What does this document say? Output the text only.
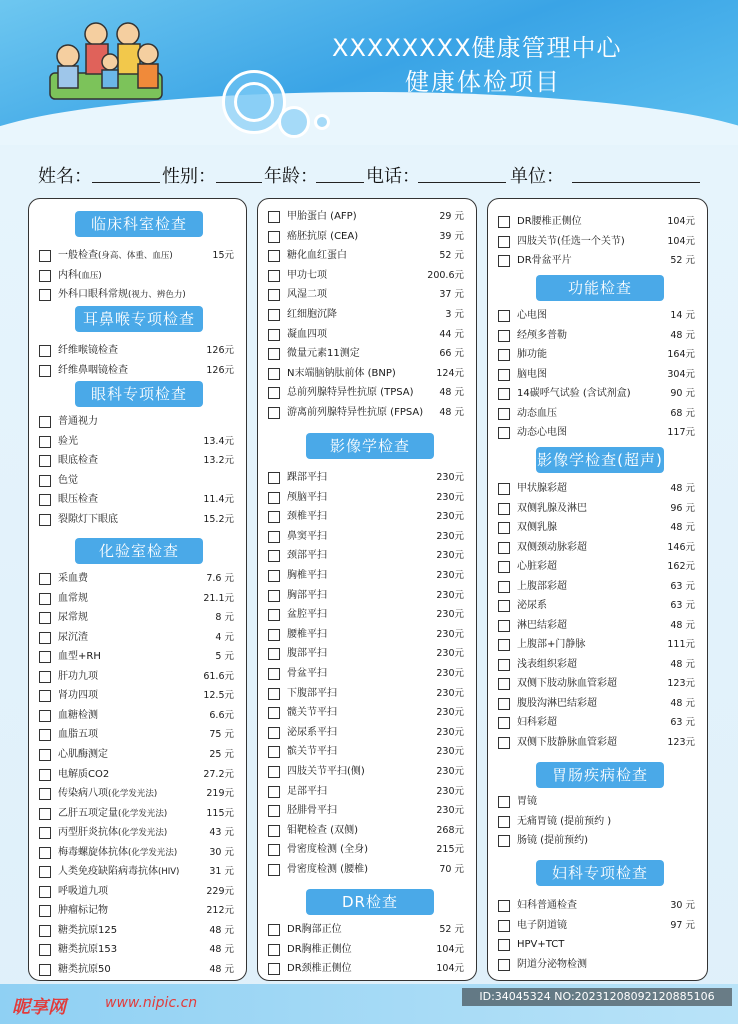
XXXXXXXX健康管理中心
健康体检项目
姓名：	性别：	年龄：	电话：	单位：
临床科室检查
一般检查(身高、体重、血压)	15元
内科(血压)
外科口眼科常规(视力、辨色力)
耳鼻喉专项检查
纤维喉镜检查	126元
纤维鼻咽镜检查	126元
眼科专项检查
普通视力
验光	13.4元
眼底检查	13.2元
色觉
眼压检查	11.4元
裂隙灯下眼底	15.2元
化验室检查
采血费	7.6 元
血常规	21.1元
尿常规	8 元
尿沉渣	4 元
血型+RH	5 元
肝功九项	61.6元
肾功四项	12.5元
血糖检测	6.6元
血脂五项	75 元
心肌酶测定	25 元
电解质CO2	27.2元
传染病八项(化学发光法)	219元
乙肝五项定量(化学发光法)	115元
丙型肝炎抗体(化学发光法)	43 元
梅毒螺旋体抗体(化学发光法)	30 元
人类免疫缺陷病毒抗体(HIV)	31 元
呼吸道九项	229元
肿瘤标记物	212元
糖类抗原125	48 元
糖类抗原153	48 元
糖类抗原50	48 元
甲胎蛋白 (AFP)	29 元
癌胚抗原 (CEA)	39 元
糖化血红蛋白	52 元
甲功七项	200.6元
风湿二项	37 元
红细胞沉降	3 元
凝血四项	44 元
微量元素11测定	66 元
N末端脑钠肽前体 (BNP)	124元
总前列腺特异性抗原 (TPSA)	48 元
游离前列腺特异性抗原 (FPSA) 48 元
影像学检查
踝部平扫	230元
颅脑平扫	230元
颈椎平扫	230元
鼻窦平扫	230元
颈部平扫	230元
胸椎平扫	230元
胸部平扫	230元
盆腔平扫	230元
腰椎平扫	230元
腹部平扫	230元
骨盆平扫	230元
下腹部平扫	230元
髋关节平扫	230元
泌尿系平扫	230元
髌关节平扫	230元
四肢关节平扫(侧)	230元
足部平扫	230元
胫腓骨平扫	230元
钼靶检查 (双侧)	268元
骨密度检测 (全身)	215元
骨密度检测 (腰椎)	70 元
DR检查
DR胸部正位	52 元
DR胸椎正侧位	104元
DR颈椎正侧位	104元
DR腰椎正侧位	104元
四肢关节(任选一个关节)	104元
DR骨盆平片	52 元
功能检查
心电图	14 元
经颅多普勒	48 元
肺功能	164元
脑电图	304元
14碳呼气试验 (含试剂盒)	90 元
动态血压	68 元
动态心电图	117元
影像学检查(超声)
甲状腺彩超	48 元
双侧乳腺及淋巴	96 元
双侧乳腺	48 元
双侧颈动脉彩超	146元
心脏彩超	162元
上腹部彩超	63 元
泌尿系	63 元
淋巴结彩超	48 元
上腹部+门静脉	111元
浅表组织彩超	48 元
双侧下肢动脉血管彩超	123元
腹股沟淋巴结彩超	48 元
妇科彩超	63 元
双侧下肢静脉血管彩超	123元
胃肠疾病检查
胃镜
无痛胃镜 (提前预约 )
肠镜 (提前预约)
妇科专项检查
妇科普通检查	30 元
电子阴道镜	97 元
HPV+TCT
阴道分泌物检测
昵享网	www.nipic.cn	ID:34045324 NO:20231208092120885106
